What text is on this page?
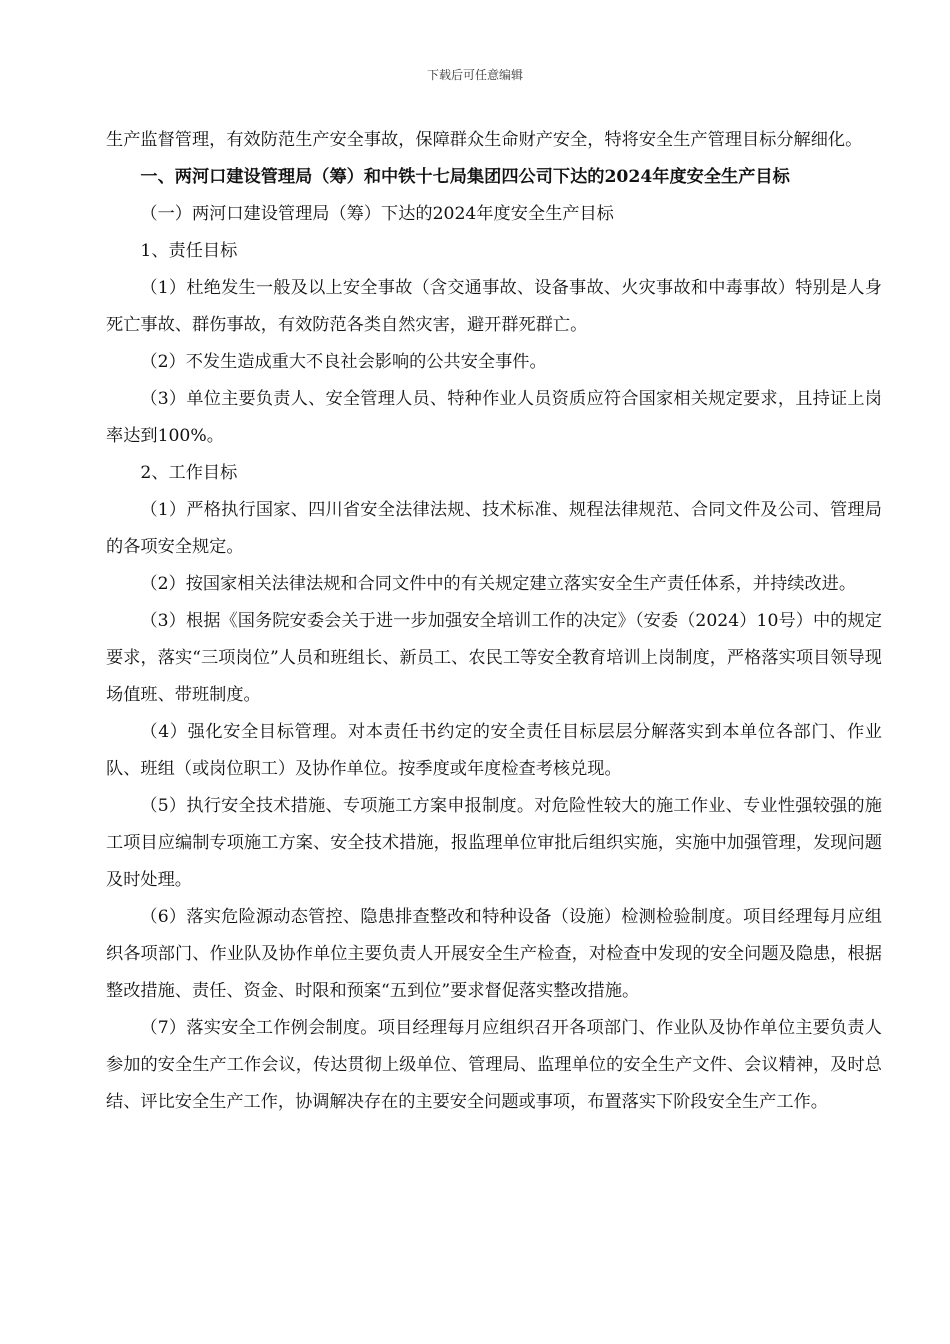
下载后可任意编辑

生产监督管理，有效防范生产安全事故，保障群众生命财产安全，特将安全生产管理目标分解细化。

一、两河口建设管理局（筹）和中铁十七局集团四公司下达的2024年度安全生产目标

（一）两河口建设管理局（筹）下达的2024年度安全生产目标

1、责任目标

（1）杜绝发生一般及以上安全事故（含交通事故、设备事故、火灾事故和中毒事故）特别是人身死亡事故、群伤事故，有效防范各类自然灾害，避开群死群亡。

（2）不发生造成重大不良社会影响的公共安全事件。

（3）单位主要负责人、安全管理人员、特种作业人员资质应符合国家相关规定要求，且持证上岗率达到100%。

2、工作目标

（1）严格执行国家、四川省安全法律法规、技术标准、规程法律规范、合同文件及公司、管理局的各项安全规定。

（2）按国家相关法律法规和合同文件中的有关规定建立落实安全生产责任体系，并持续改进。

（3）根据《国务院安委会关于进一步加强安全培训工作的决定》（安委（2024）10号）中的规定要求，落实“三项岗位”人员和班组长、新员工、农民工等安全教育培训上岗制度，严格落实项目领导现场值班、带班制度。

（4）强化安全目标管理。对本责任书约定的安全责任目标层层分解落实到本单位各部门、作业队、班组（或岗位职工）及协作单位。按季度或年度检查考核兑现。

（5）执行安全技术措施、专项施工方案申报制度。对危险性较大的施工作业、专业性强较强的施工项目应编制专项施工方案、安全技术措施，报监理单位审批后组织实施，实施中加强管理，发现问题及时处理。

（6）落实危险源动态管控、隐患排查整改和特种设备（设施）检测检验制度。项目经理每月应组织各项部门、作业队及协作单位主要负责人开展安全生产检查，对检查中发现的安全问题及隐患，根据整改措施、责任、资金、时限和预案“五到位”要求督促落实整改措施。

（7）落实安全工作例会制度。项目经理每月应组织召开各项部门、作业队及协作单位主要负责人参加的安全生产工作会议，传达贯彻上级单位、管理局、监理单位的安全生产文件、会议精神，及时总结、评比安全生产工作，协调解决存在的主要安全问题或事项，布置落实下阶段安全生产工作。
